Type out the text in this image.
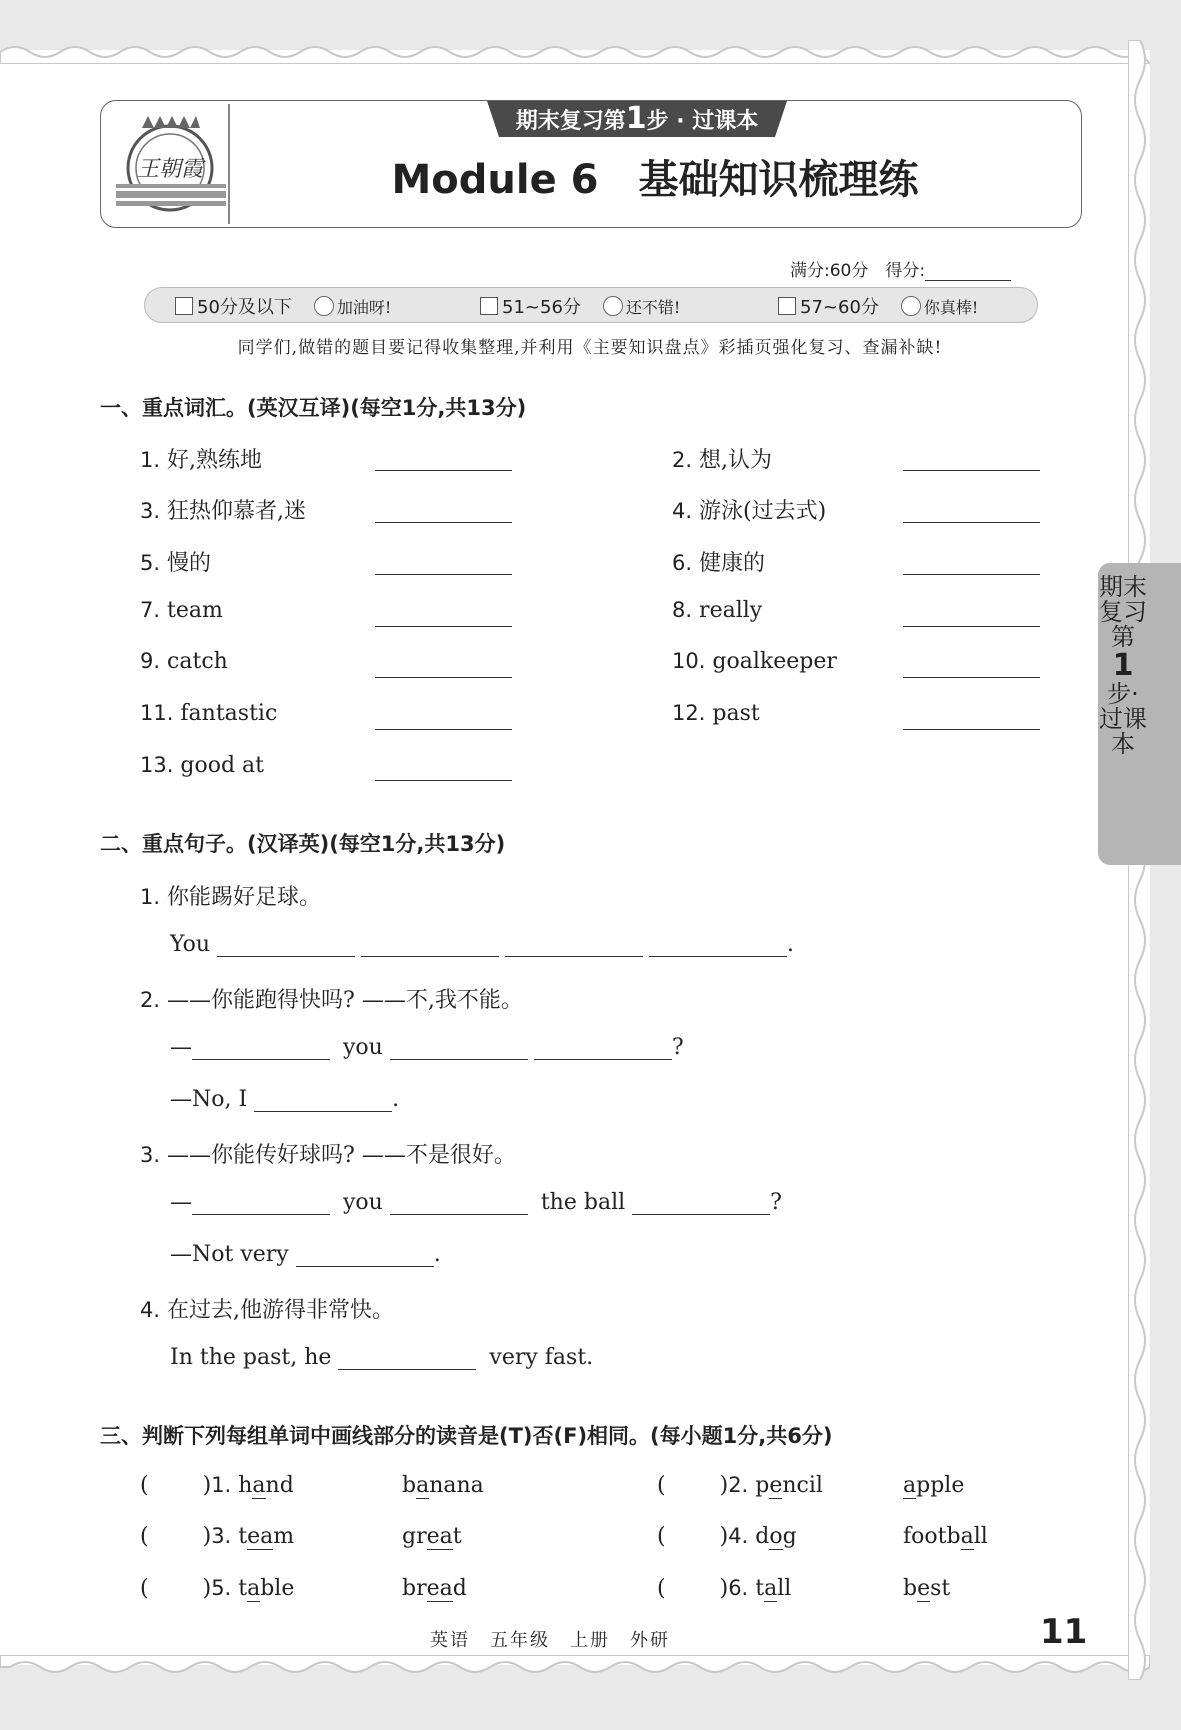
王朝霞
期末复习第1步 · 过课本
Module 6　基础知识梳理练
满分:60分　得分:
50分及以下	加油呀!	51~56分	还不错!	57~60分	你真棒!
同学们,做错的题目要记得收集整理,并利用《主要知识盘点》彩插页强化复习、查漏补缺!
一、重点词汇。(英汉互译)(每空1分,共13分)
1. 好,熟练地	2. 想,认为
3. 狂热仰慕者,迷	4. 游泳(过去式)
5. 慢的	6. 健康的
7. team	8. really
9. catch	10. goalkeeper
11. fantastic	12. past
13. good at
二、重点句子。(汉译英)(每空1分,共13分)
1. 你能踢好足球。
You	.
2. ——你能跑得快吗? ——不,我不能。
—	you	?
—No, I	.
3. ——你能传好球吗? ——不是很好。
—	you	the ball	?
—Not very	.
4. 在过去,他游得非常快。
In the past, he	very fast.
三、判断下列每组单词中画线部分的读音是(T)否(F)相同。(每小题1分,共6分)
( )1. hand	banana	( )2. pencil	apple
( )3. team	great	( )4. dog	football
( )5. table	bread	( )6. tall	best
期末复习第
1
步·过课本
英语　五年级　上册　外研	11
